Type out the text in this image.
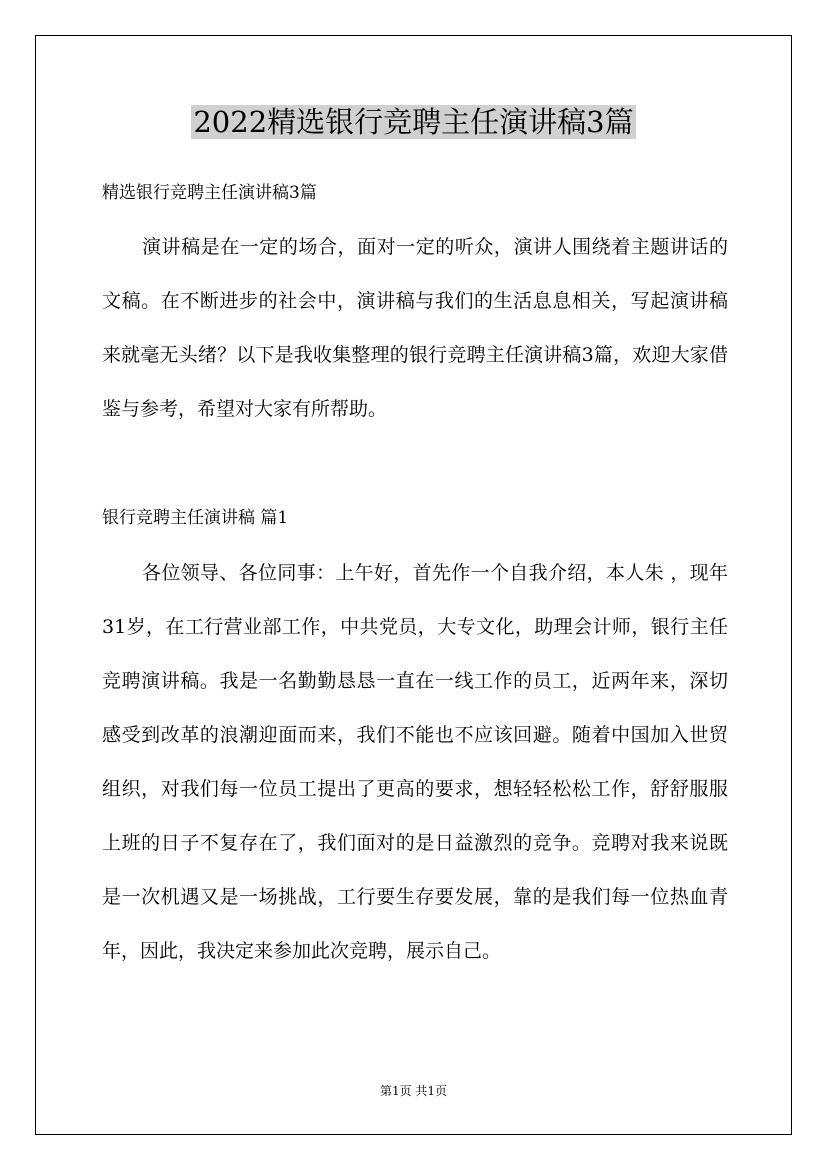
2022精选银行竞聘主任演讲稿3篇
精选银行竞聘主任演讲稿3篇

演讲稿是在一定的场合，面对一定的听众，演讲人围绕着主题讲话的文稿。在不断进步的社会中，演讲稿与我们的生活息息相关，写起演讲稿来就毫无头绪？以下是我收集整理的银行竞聘主任演讲稿3篇，欢迎大家借鉴与参考，希望对大家有所帮助。

银行竞聘主任演讲稿 篇1

各位领导、各位同事：上午好，首先作一个自我介绍，本人朱 ，现年31岁，在工行营业部工作，中共党员，大专文化，助理会计师，银行主任竞聘演讲稿。我是一名勤勤恳恳一直在一线工作的员工，近两年来，深切感受到改革的浪潮迎面而来，我们不能也不应该回避。随着中国加入世贸组织，对我们每一位员工提出了更高的要求，想轻轻松松工作，舒舒服服上班的日子不复存在了，我们面对的是日益激烈的竞争。竞聘对我来说既是一次机遇又是一场挑战，工行要生存要发展，靠的是我们每一位热血青年，因此，我决定来参加此次竞聘，展示自己。

第1页 共1页
